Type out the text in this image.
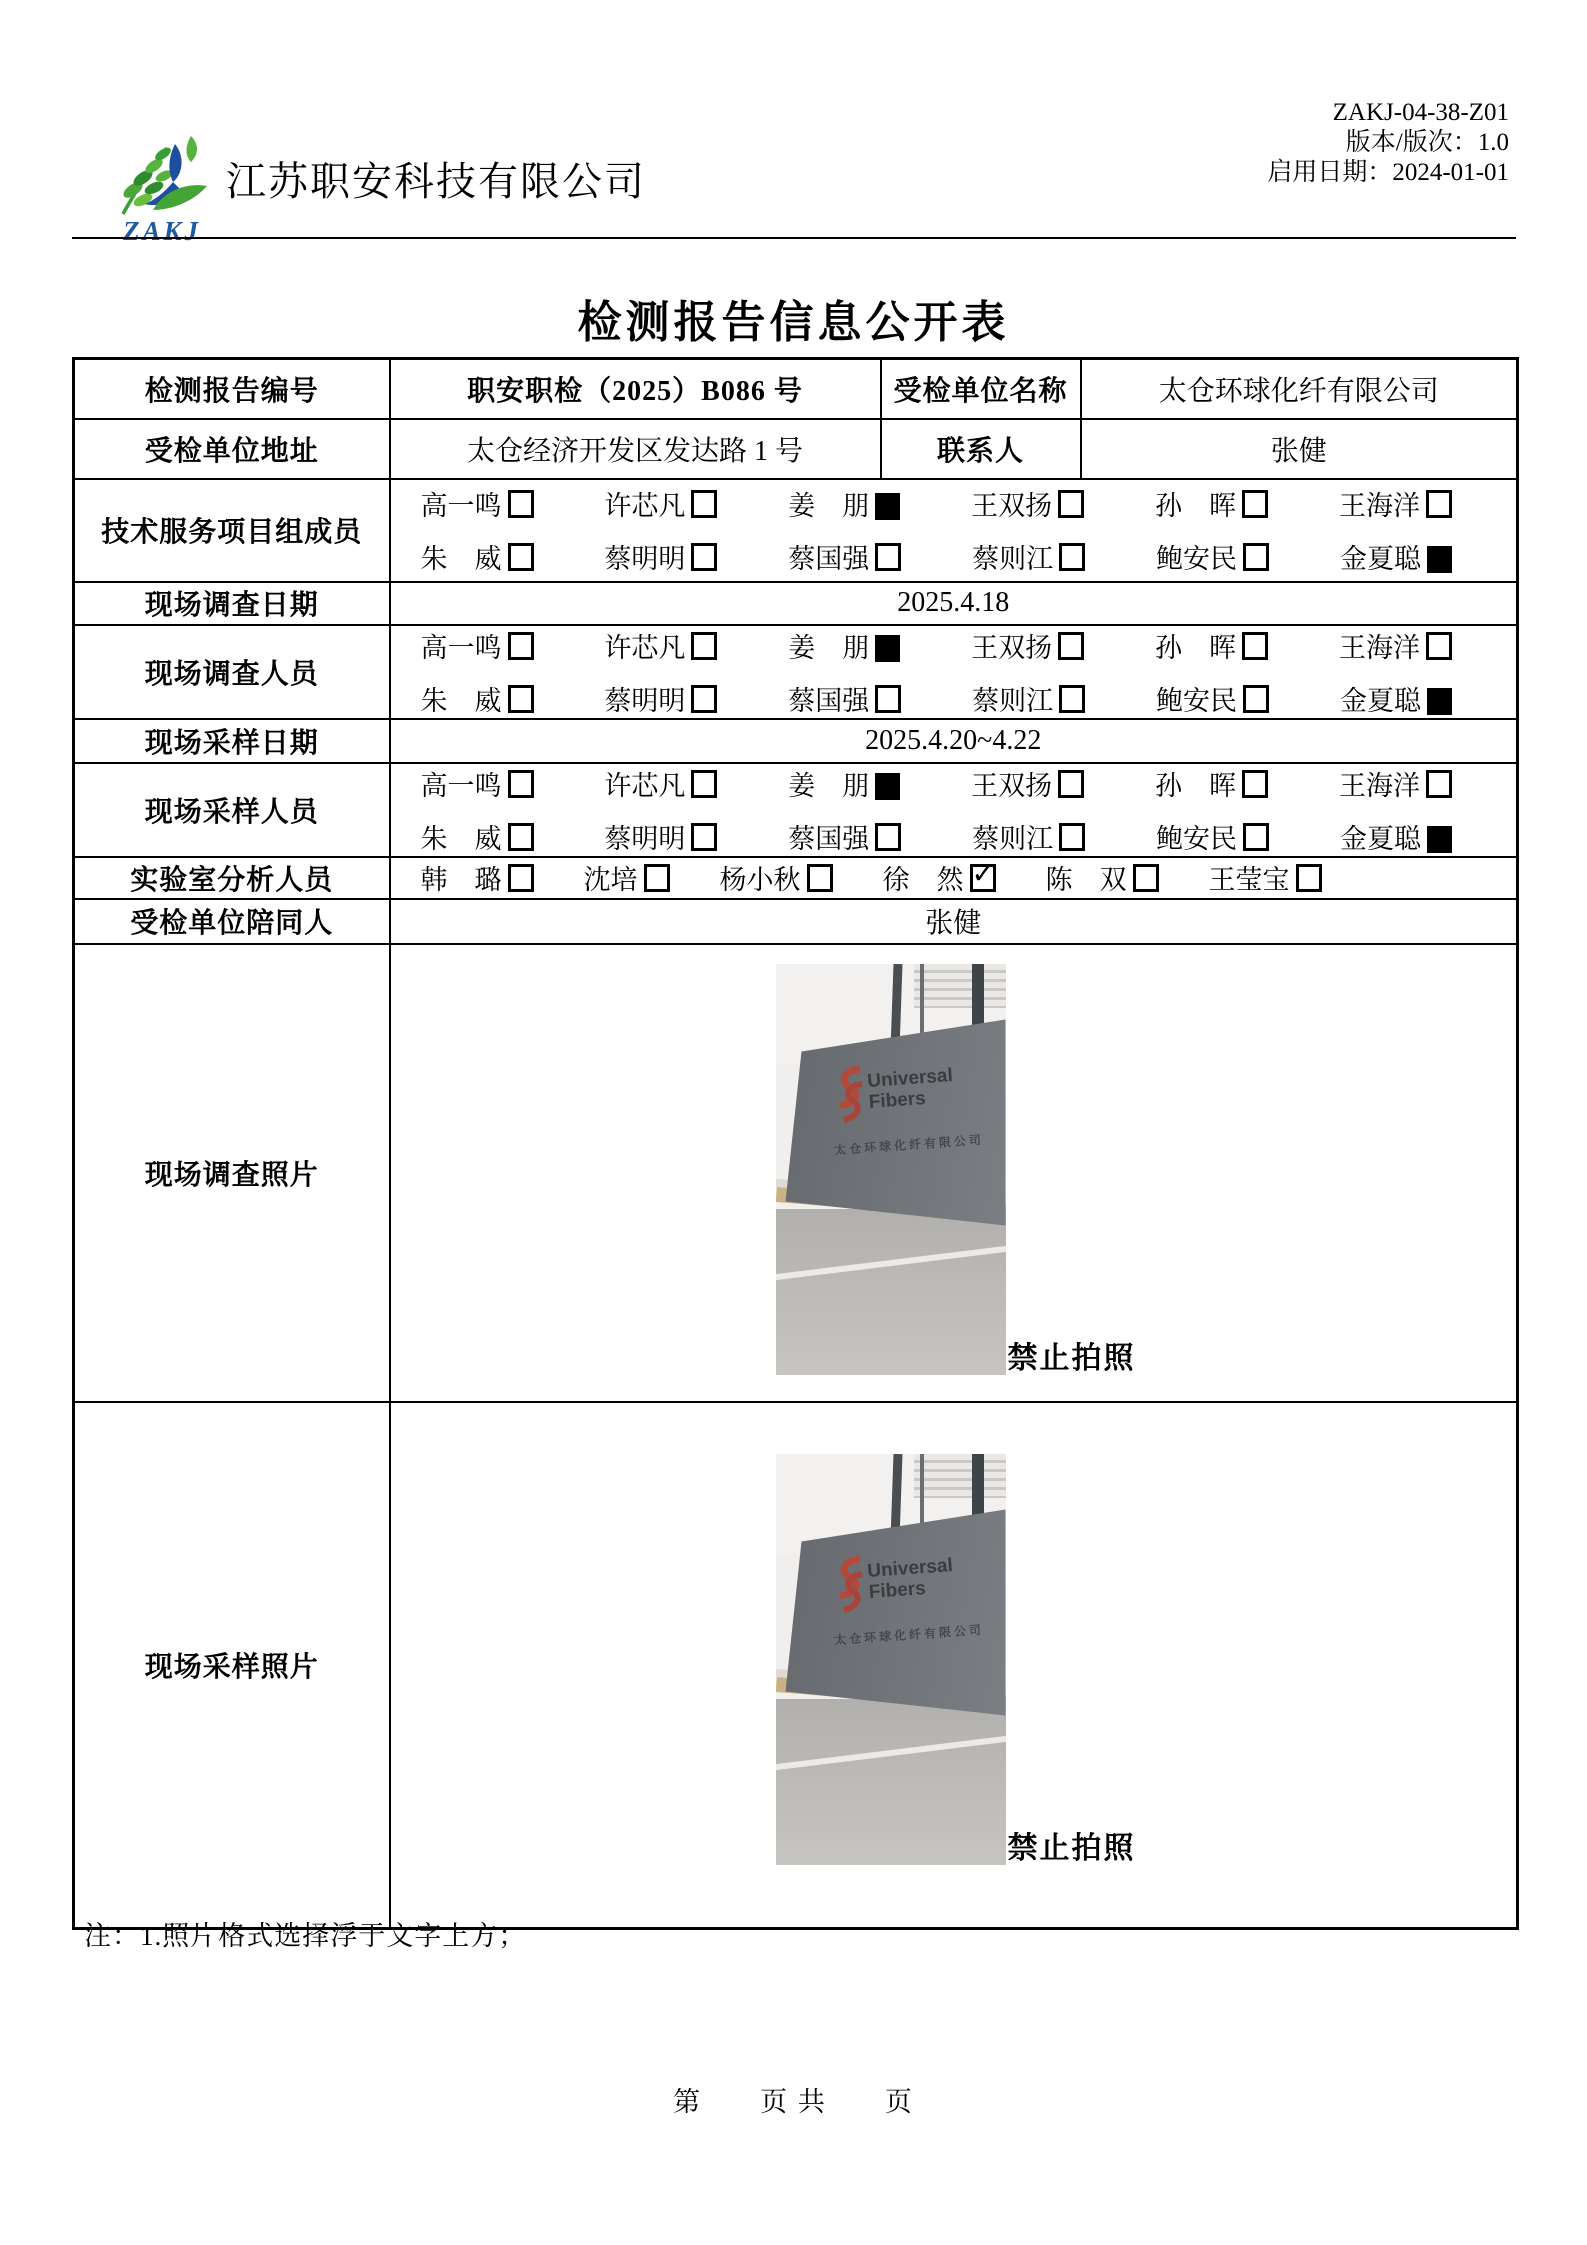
ZAKJ
江苏职安科技有限公司
ZAKJ-04-38-Z01
版本/版次：1.0
启用日期：2024-01-01
检测报告信息公开表
检测报告编号	职安职检（2025）B086 号	受检单位名称	太仓环球化纤有限公司
受检单位地址	太仓经济开发区发达路 1 号	联系人	张健
技术服务项目组成员	
高一鸣	许芯凡	姜　朋	王双扬	孙　晖	王海洋
朱　威	蔡明明	蔡国强	蔡则江	鲍安民	金夏聪

现场调查日期	2025.4.18		
现场调查人员	
高一鸣	许芯凡	姜　朋	王双扬	孙　晖	王海洋
朱　威	蔡明明	蔡国强	蔡则江	鲍安民	金夏聪

现场采样日期	2025.4.20~4.22		
现场采样人员	
高一鸣	许芯凡	姜　朋	王双扬	孙　晖	王海洋
朱　威	蔡明明	蔡国强	蔡则江	鲍安民	金夏聪

实验室分析人员	韩　璐	沈培	杨小秋	徐　然 ✓	陈　双	王莹宝

受检单位陪同人	张健		
现场调查照片	Universal
Fibers
太仓环球化纤有限公司
禁止拍照		

现场采样照片	Universal
Fibers
太仓环球化纤有限公司
禁止拍照		
注：1.照片格式选择浮于文字上方；
第　　页 共　　页
